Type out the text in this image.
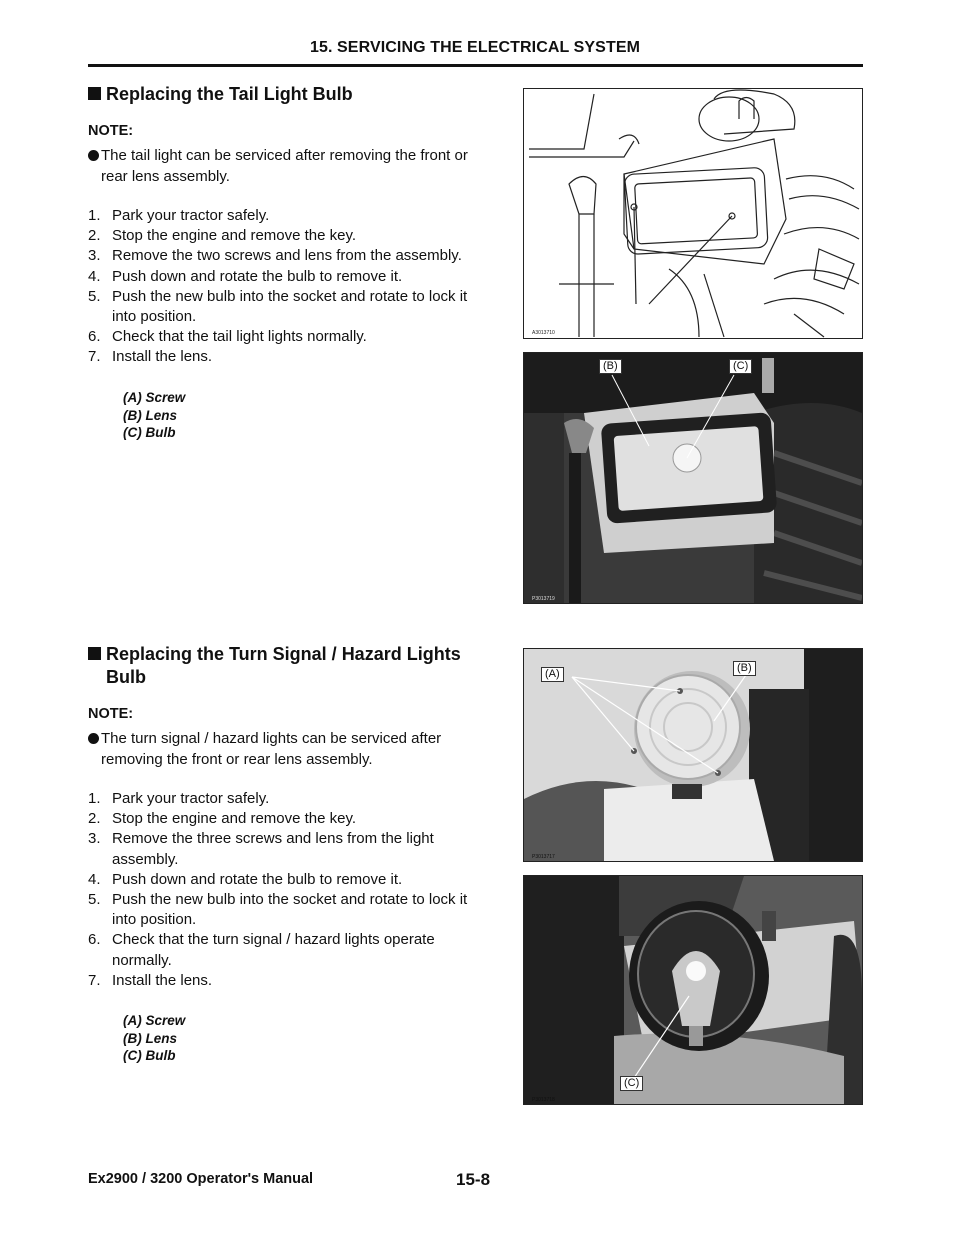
15. SERVICING THE ELECTRICAL SYSTEM
Replacing the Tail Light Bulb
NOTE:
The tail light can be serviced after removing the front or
rear lens assembly.
1. Park your tractor safely.
2. Stop the engine and remove the key.
3. Remove the two screws and lens from the assembly.
4. Push down and rotate the bulb to remove it.
5. Push the new bulb into the socket and rotate to lock it
into position.
6. Check that the tail light lights normally.
7. Install the lens.
(A) Screw
(B) Lens
(C) Bulb
A3013710
P3013719
(B)	(C)
Replacing the Turn Signal / Hazard Lights
Bulb
NOTE:
The turn signal / hazard lights can be serviced after
removing the front or rear lens assembly.
1. Park your tractor safely.
2. Stop the engine and remove the key.
3. Remove the three screws and lens from the light
assembly.
4. Push down and rotate the bulb to remove it.
5. Push the new bulb into the socket and rotate to lock it
into position.
6. Check that the turn signal / hazard lights operate
normally.
7. Install the lens.
(A) Screw
(B) Lens
(C) Bulb
P3013717
(A)	(B)
P3013718
(C)
Ex2900 / 3200 Operator's Manual	15-8
